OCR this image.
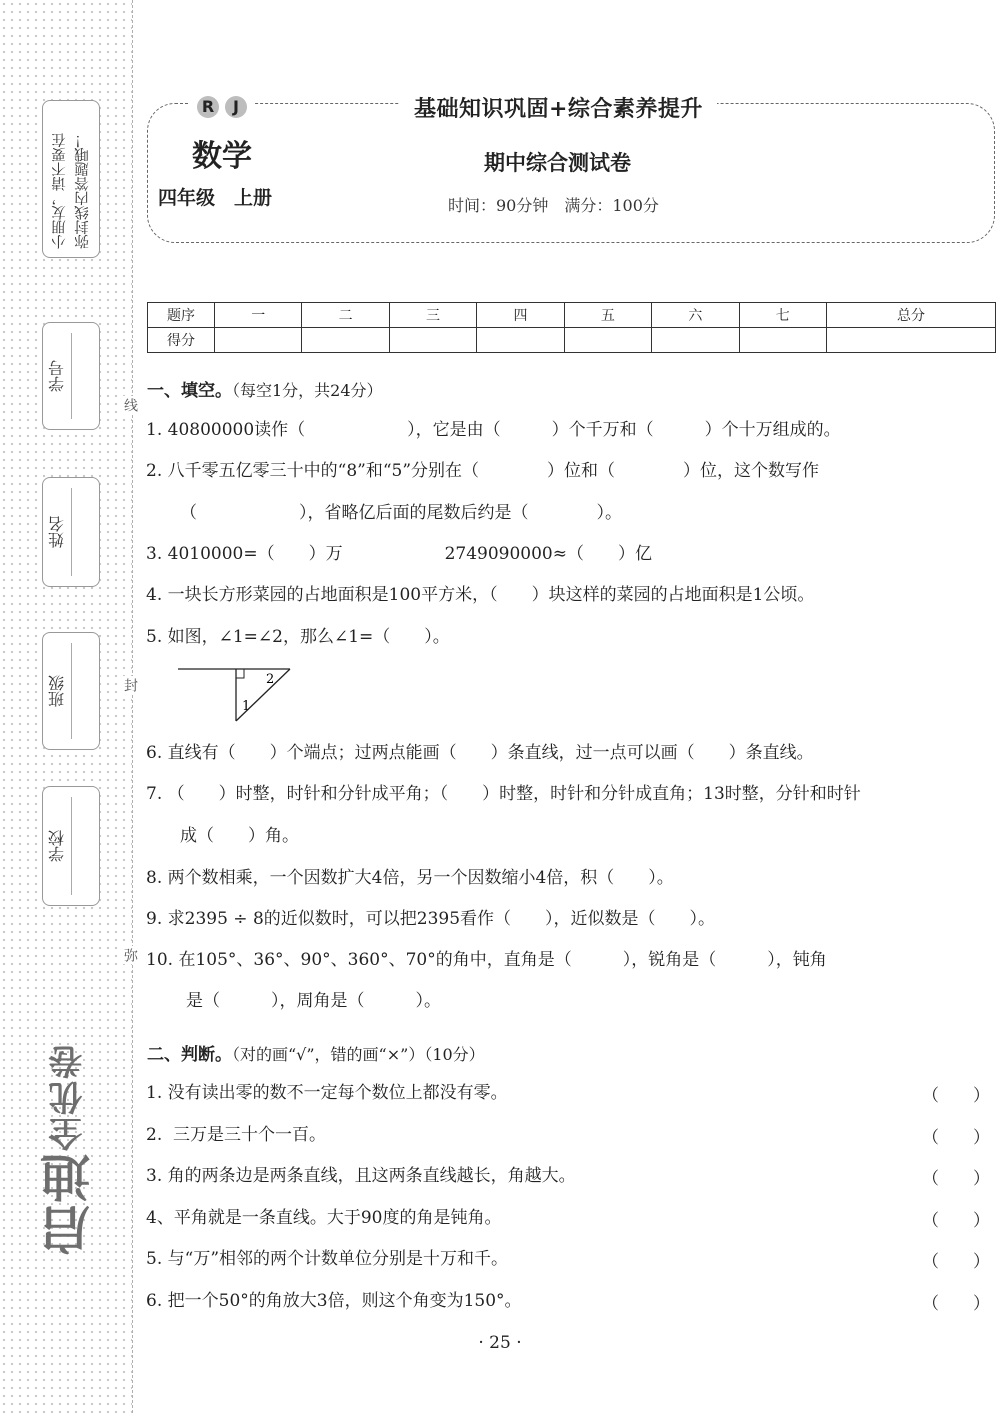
小朋友，请不要在 弥封线内答题哦！
学号
姓名
班级
学校
线
封
弥
启迪
全优卷
R	J	基础知识巩固+综合素养提升
数学
四年级　上册
期中综合测试卷
时间：90分钟　满分：100分
题序	一	二	三	四	五	六	七	总分
得分								
一、填空。（每空1分，共24分）
1. 40800000读作（　　　　　　），它是由（　　　）个千万和（　　　）个十万组成的。
2. 八千零五亿零三十中的“8”和“5”分别在（　　　　）位和（　　　　）位，这个数写作
（　　　　　　），省略亿后面的尾数后约是（　　　　）。
3. 4010000=（　　）万　　　　　　2749090000≈（　　）亿
4. 一块长方形菜园的占地面积是100平方米，（　　）块这样的菜园的占地面积是1公顷。
5. 如图，∠1=∠2，那么∠1=（　　）。
2
1
6. 直线有（　　）个端点；过两点能画（　　）条直线，过一点可以画（　　）条直线。
7. （　　）时整，时针和分针成平角；（　　）时整，时针和分针成直角；13时整，分针和时针
成（　　）角。
8. 两个数相乘，一个因数扩大4倍，另一个因数缩小4倍，积（　　）。
9. 求2395 ÷ 8的近似数时，可以把2395看作（　　），近似数是（　　）。
10. 在105°、36°、90°、360°、70°的角中，直角是（　　　），锐角是（　　　），钝角
是（　　　），周角是（　　　）。
二、判断。（对的画“√”，错的画“×”）（10分）
1. 没有读出零的数不一定每个数位上都没有零。	（　　）
2.  三万是三十个一百。	（　　）
3. 角的两条边是两条直线，且这两条直线越长，角越大。	（　　）
4、平角就是一条直线。大于90度的角是钝角。	（　　）
5. 与“万”相邻的两个计数单位分别是十万和千。	（　　）
6. 把一个50°的角放大3倍，则这个角变为150°。	（　　）
· 25 ·
